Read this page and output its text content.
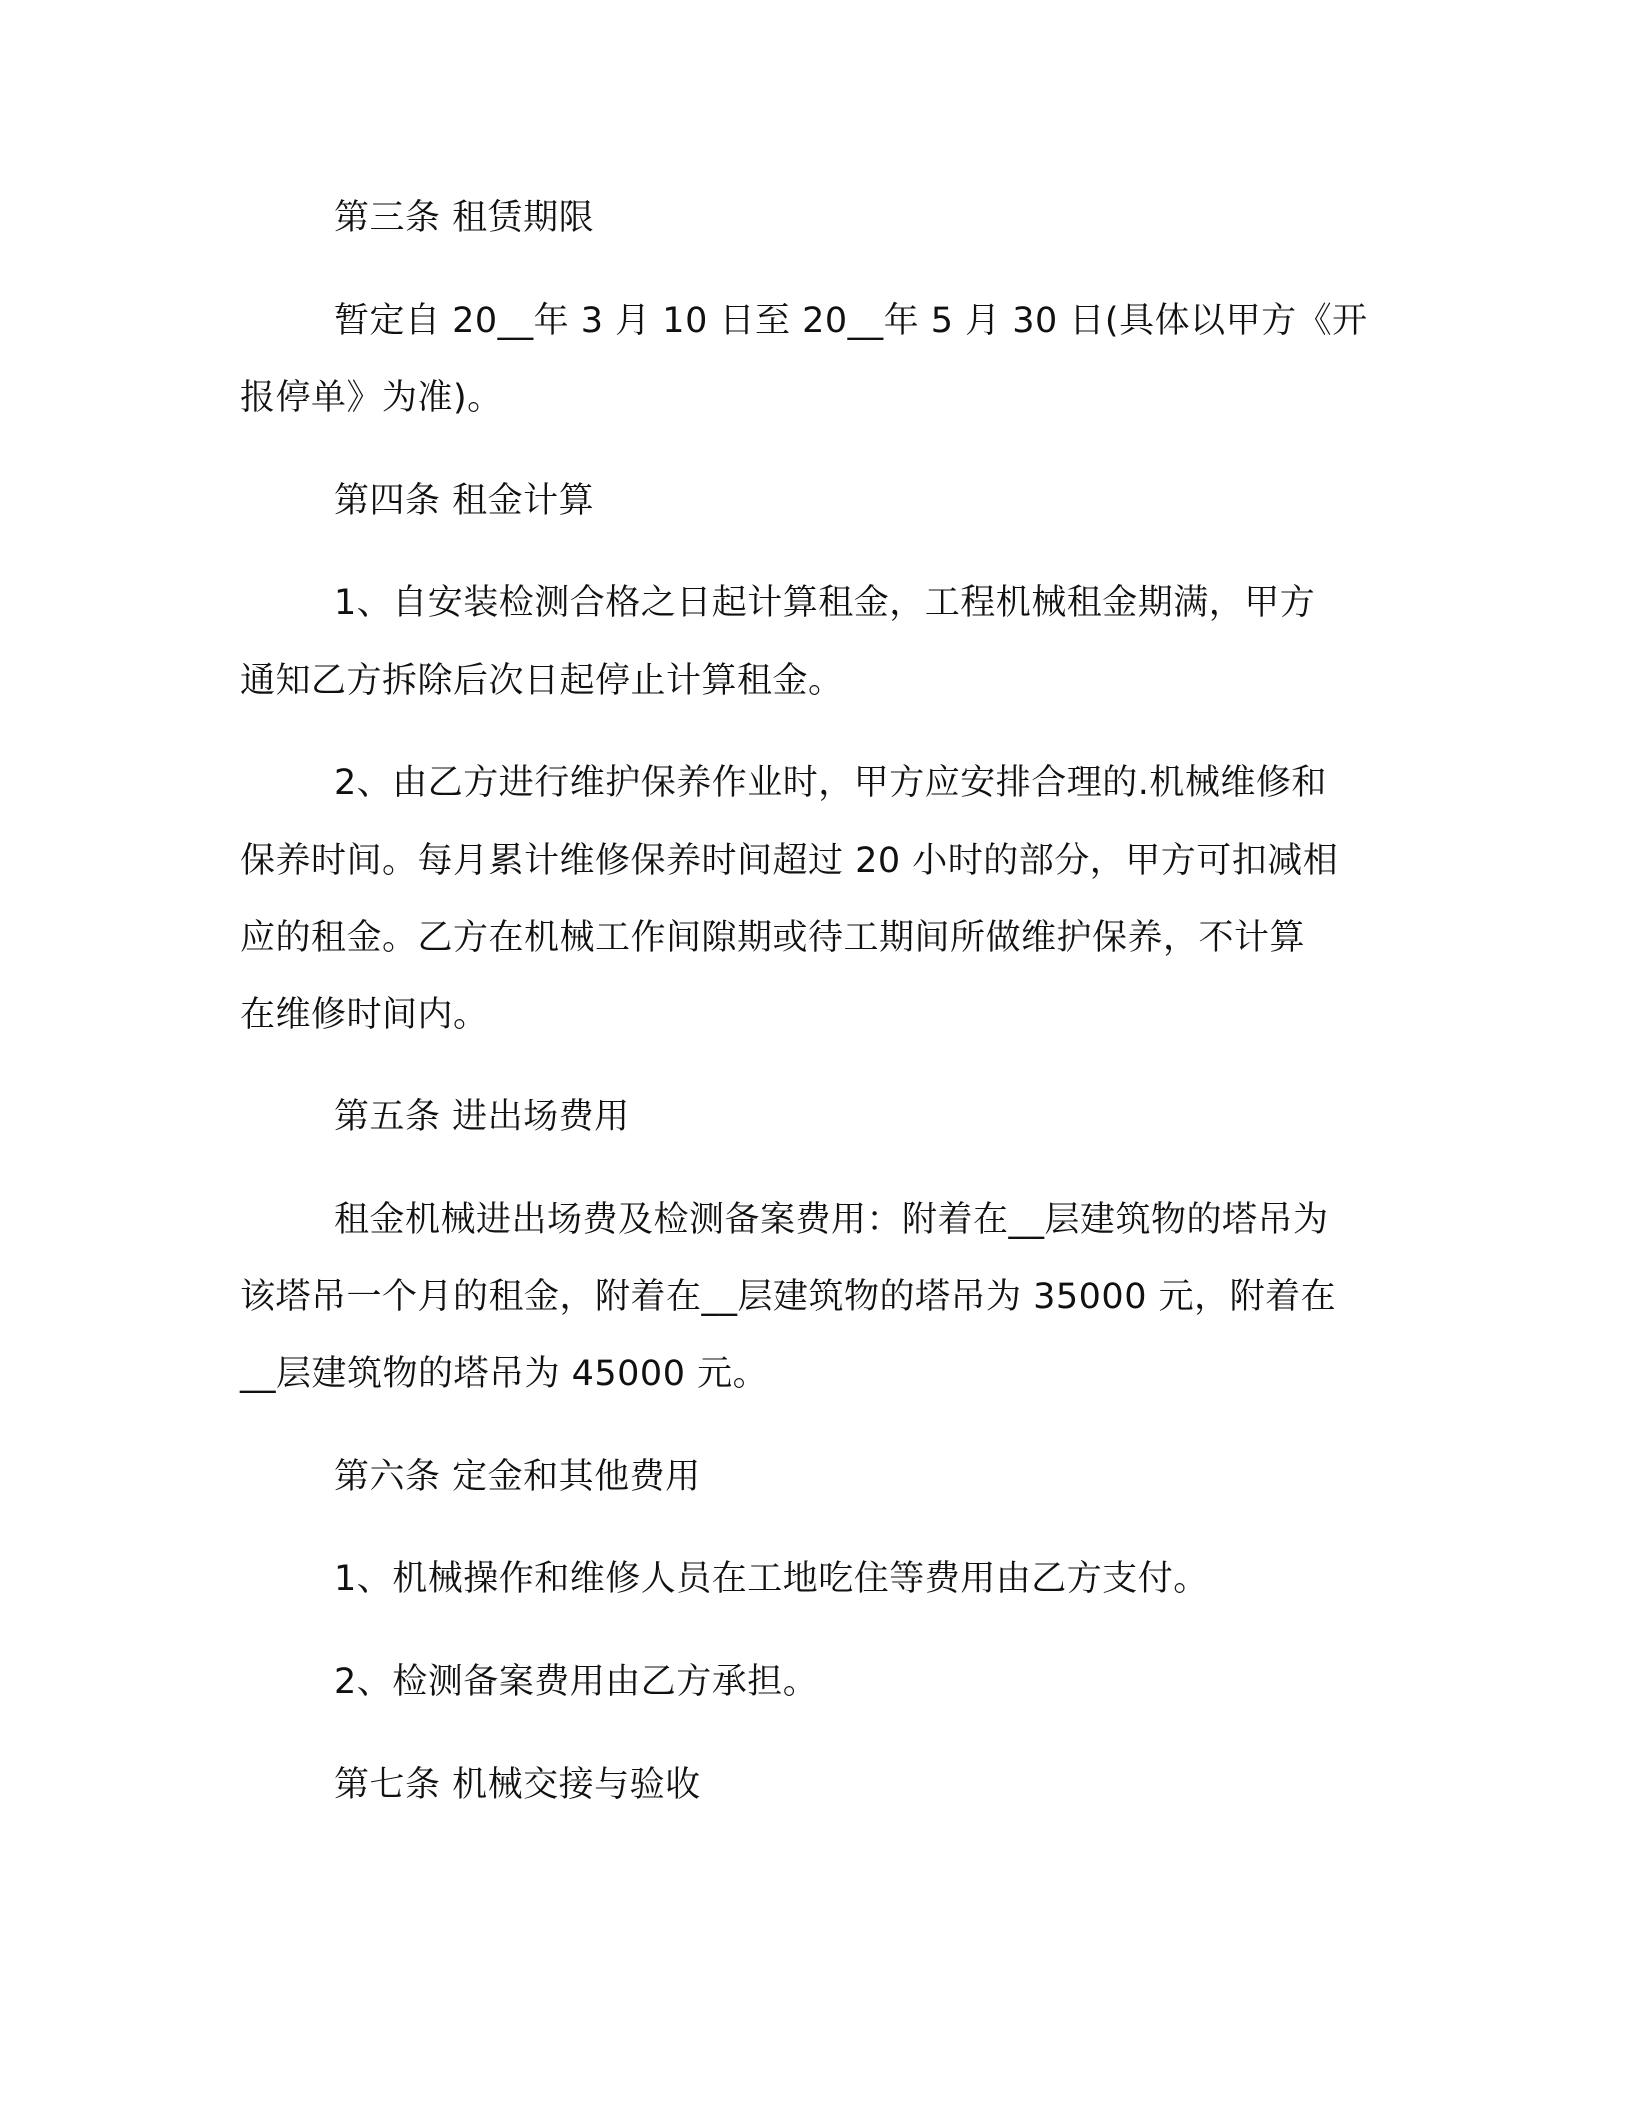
第三条 租赁期限

暂定自 20__年 3 月 10 日至 20__年 5 月 30 日(具体以甲方《开

报停单》为准)。

第四条 租金计算

1、自安装检测合格之日起计算租金，工程机械租金期满，甲方

通知乙方拆除后次日起停止计算租金。

2、由乙方进行维护保养作业时，甲方应安排合理的.机械维修和

保养时间。每月累计维修保养时间超过 20 小时的部分，甲方可扣减相

应的租金。乙方在机械工作间隙期或待工期间所做维护保养，不计算

在维修时间内。

第五条 进出场费用

租金机械进出场费及检测备案费用：附着在__层建筑物的塔吊为

该塔吊一个月的租金，附着在__层建筑物的塔吊为 35000 元，附着在

__层建筑物的塔吊为 45000 元。

第六条 定金和其他费用

1、机械操作和维修人员在工地吃住等费用由乙方支付。

2、检测备案费用由乙方承担。

第七条 机械交接与验收
